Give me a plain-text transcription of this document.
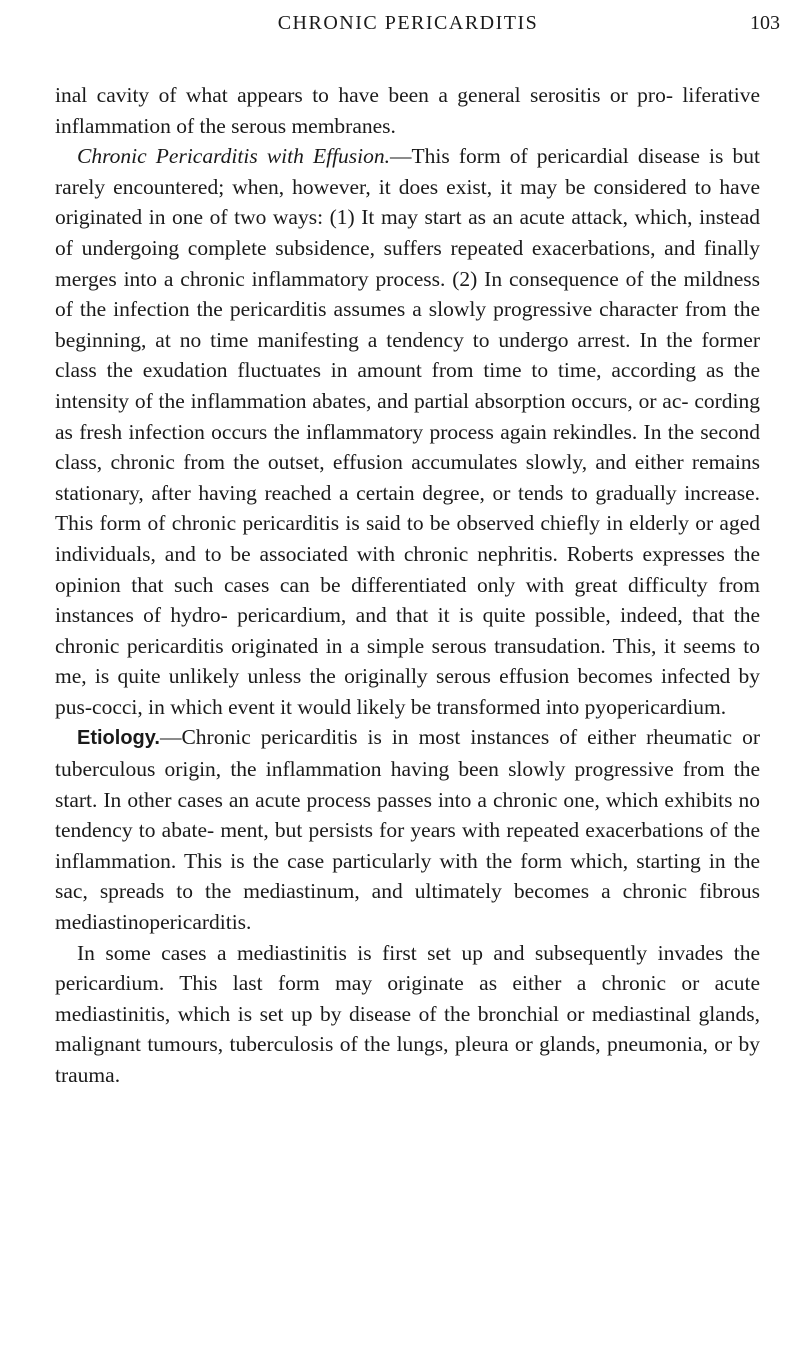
CHRONIC PERICARDITIS	103

inal cavity of what appears to have been a general serositis or pro- liferative inflammation of the serous membranes.

Chronic Pericarditis with Effusion.—This form of pericardial disease is but rarely encountered; when, however, it does exist, it may be considered to have originated in one of two ways: (1) It may start as an acute attack, which, instead of undergoing complete subsidence, suffers repeated exacerbations, and finally merges into a chronic inflammatory process. (2) In consequence of the mildness of the infection the pericarditis assumes a slowly progressive character from the beginning, at no time manifesting a tendency to undergo arrest. In the former class the exudation fluctuates in amount from time to time, according as the intensity of the inflammation abates, and partial absorption occurs, or ac- cording as fresh infection occurs the inflammatory process again rekindles. In the second class, chronic from the outset, effusion accumulates slowly, and either remains stationary, after having reached a certain degree, or tends to gradually increase. This form of chronic pericarditis is said to be observed chiefly in elderly or aged individuals, and to be associated with chronic nephritis. Roberts expresses the opinion that such cases can be differentiated only with great difficulty from instances of hydro- pericardium, and that it is quite possible, indeed, that the chronic pericarditis originated in a simple serous transudation. This, it seems to me, is quite unlikely unless the originally serous effusion becomes infected by pus-cocci, in which event it would likely be transformed into pyopericardium.

Etiology.—Chronic pericarditis is in most instances of either rheumatic or tuberculous origin, the inflammation having been slowly progressive from the start. In other cases an acute process passes into a chronic one, which exhibits no tendency to abate- ment, but persists for years with repeated exacerbations of the inflammation. This is the case particularly with the form which, starting in the sac, spreads to the mediastinum, and ultimately becomes a chronic fibrous mediastinopericarditis.

In some cases a mediastinitis is first set up and subsequently invades the pericardium. This last form may originate as either a chronic or acute mediastinitis, which is set up by disease of the bronchial or mediastinal glands, malignant tumours, tuberculosis of the lungs, pleura or glands, pneumonia, or by trauma.
